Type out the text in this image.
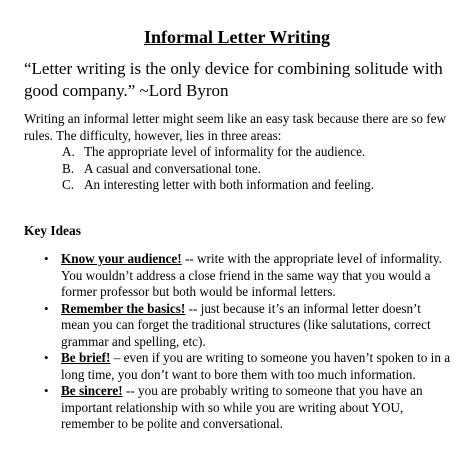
Informal Letter Writing
“Letter writing is the only device for combining solitude with good company.” ~Lord Byron
Writing an informal letter might seem like an easy task because there are so few rules. The difficulty, however, lies in three areas:
A. The appropriate level of informality for the audience.
B. A casual and conversational tone.
C. An interesting letter with both information and feeling.
Key Ideas
• Know your audience! -- write with the appropriate level of informality. You wouldn’t address a close friend in the same way that you would a former professor but both would be informal letters.
• Remember the basics! -- just because it’s an informal letter doesn’t mean you can forget the traditional structures (like salutations, correct grammar and spelling, etc).
• Be brief! – even if you are writing to someone you haven’t spoken to in a long time, you don’t want to bore them with too much information.
• Be sincere! -- you are probably writing to someone that you have an important relationship with so while you are writing about YOU, remember to be polite and conversational.
